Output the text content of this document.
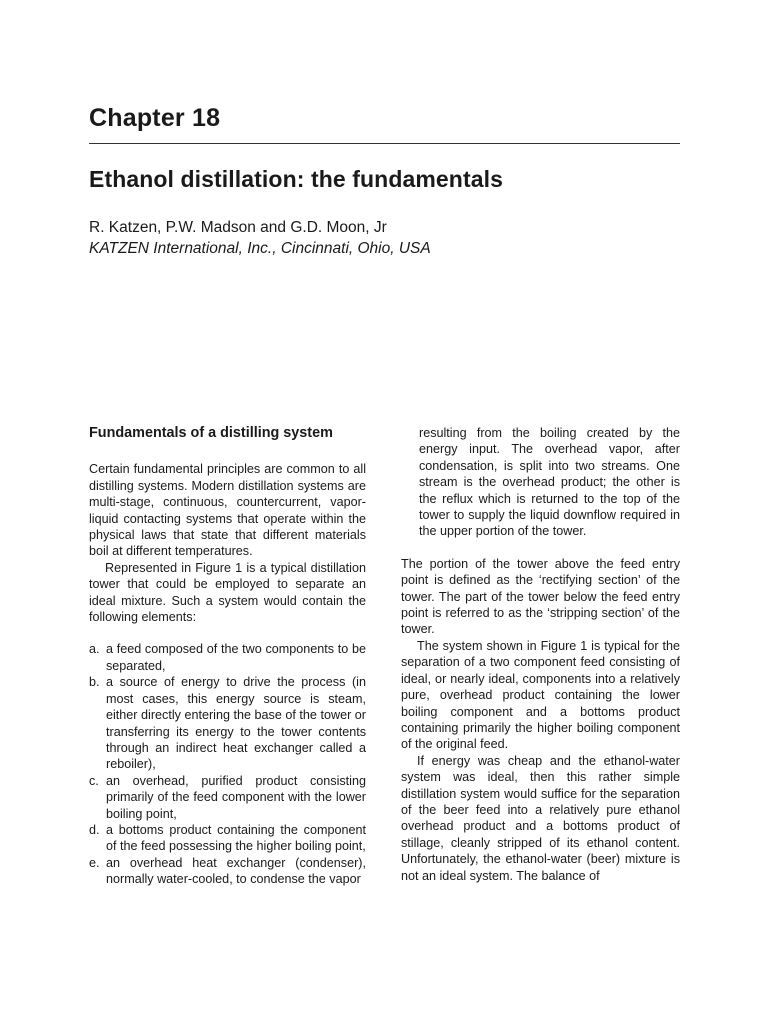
Chapter 18
Ethanol distillation: the fundamentals
R. Katzen, P.W. Madson and G.D. Moon, Jr
KATZEN International, Inc., Cincinnati, Ohio, USA

Fundamentals of a distilling system

Certain fundamental principles are common to all distilling systems. Modern distillation systems are multi-stage, continuous, countercurrent, vapor-liquid contacting systems that operate within the physical laws that state that different materials boil at different temperatures.

Represented in Figure 1 is a typical distillation tower that could be employed to separate an ideal mixture. Such a system would contain the following elements:

a. a feed composed of the two components to be separated,
b. a source of energy to drive the process (in most cases, this energy source is steam, either directly entering the base of the tower or transferring its energy to the tower contents through an indirect heat exchanger called a reboiler),
c. an overhead, purified product consisting primarily of the feed component with the lower boiling point,
d. a bottoms product containing the component of the feed possessing the higher boiling point,
e. an overhead heat exchanger (condenser), normally water-cooled, to condense the vapor

resulting from the boiling created by the energy input. The overhead vapor, after condensation, is split into two streams. One stream is the overhead product; the other is the reflux which is returned to the top of the tower to supply the liquid downflow required in the upper portion of the tower.

The portion of the tower above the feed entry point is defined as the ‘rectifying section’ of the tower. The part of the tower below the feed entry point is referred to as the ‘stripping section’ of the tower.

The system shown in Figure 1 is typical for the separation of a two component feed consisting of ideal, or nearly ideal, components into a relatively pure, overhead product containing the lower boiling component and a bottoms product containing primarily the higher boiling component of the original feed.

If energy was cheap and the ethanol-water system was ideal, then this rather simple distillation system would suffice for the separation of the beer feed into a relatively pure ethanol overhead product and a bottoms product of stillage, cleanly stripped of its ethanol content. Unfortunately, the ethanol-water (beer) mixture is not an ideal system. The balance of
